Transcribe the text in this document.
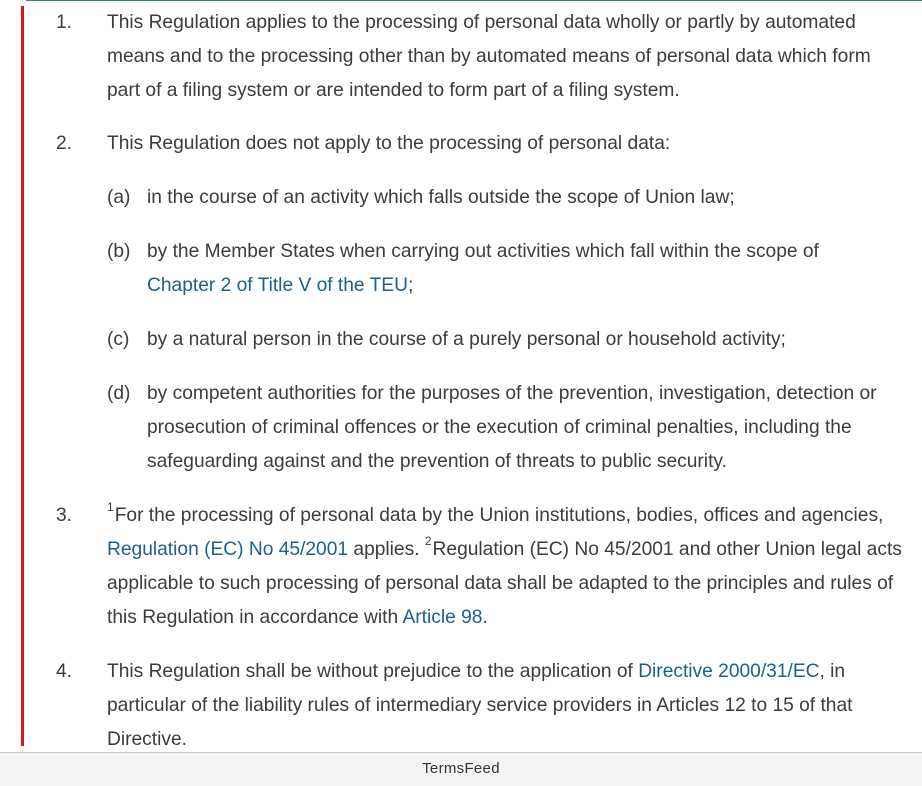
1. This Regulation applies to the processing of personal data wholly or partly by automated means and to the processing other than by automated means of personal data which form part of a filing system or are intended to form part of a filing system.
2. This Regulation does not apply to the processing of personal data:
(a) in the course of an activity which falls outside the scope of Union law;
(b) by the Member States when carrying out activities which fall within the scope of
Chapter 2 of Title V of the TEU;
(c) by a natural person in the course of a purely personal or household activity;
(d) by competent authorities for the purposes of the prevention, investigation, detection or prosecution of criminal offences or the execution of criminal penalties, including the safeguarding against and the prevention of threats to public security.
3.	$^1$For the processing of personal data by the Union institutions, bodies, offices and agencies, Regulation (EC) No 45/2001 applies. $^2$Regulation (EC) No 45/2001 and other Union legal acts applicable to such processing of personal data shall be adapted to the principles and rules of this Regulation in accordance with Article 98.
4. This Regulation shall be without prejudice to the application of Directive 2000/31/EC, in particular of the liability rules of intermediary service providers in Articles 12 to 15 of that Directive.
TermsFeed
